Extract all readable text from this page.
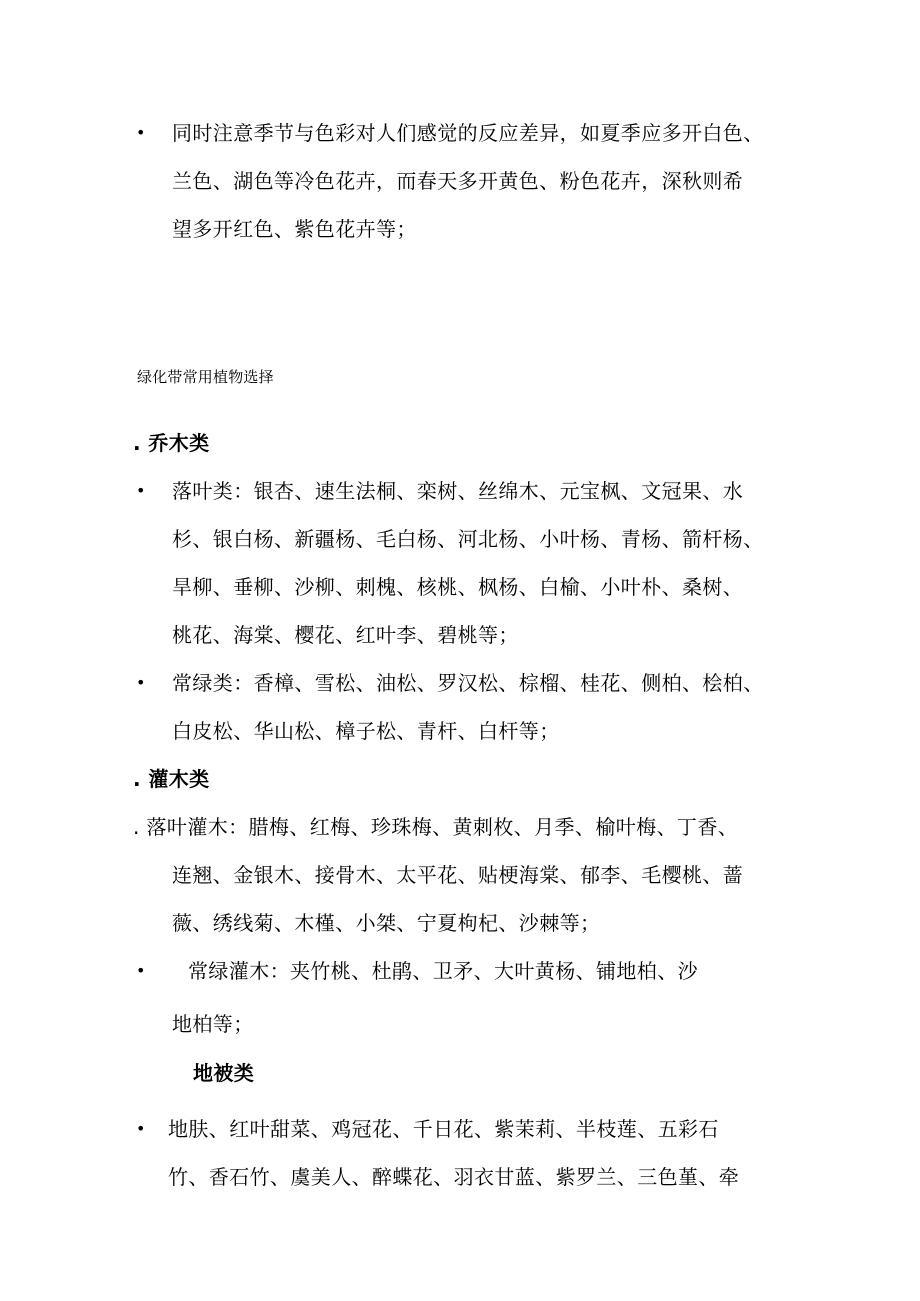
• 同时注意季节与色彩对人们感觉的反应差异，如夏季应多开白色、
兰色、湖色等冷色花卉，而春天多开黄色、粉色花卉，深秋则希
望多开红色、紫色花卉等；
绿化带常用植物选择
. 乔木类
• 落叶类：银杏、速生法桐、栾树、丝绵木、元宝枫、文冠果、水
杉、银白杨、新疆杨、毛白杨、河北杨、小叶杨、青杨、箭杆杨、
旱柳、垂柳、沙柳、刺槐、核桃、枫杨、白榆、小叶朴、桑树、
桃花、海棠、樱花、红叶李、碧桃等；
• 常绿类：香樟、雪松、油松、罗汉松、棕榴、桂花、侧柏、桧柏、
白皮松、华山松、樟子松、青杆、白杆等；
. 灌木类
. 落叶灌木：腊梅、红梅、珍珠梅、黄刺枚、月季、榆叶梅、丁香、
连翘、金银木、接骨木、太平花、贴梗海棠、郁李、毛樱桃、蔷
薇、绣线菊、木槿、小桀、宁夏枸杞、沙棘等；
• 常绿灌木：夹竹桃、杜鹃、卫矛、大叶黄杨、铺地柏、沙
地柏等；
地被类
• 地肤、红叶甜菜、鸡冠花、千日花、紫茉莉、半枝莲、五彩石
竹、香石竹、虞美人、醉蝶花、羽衣甘蓝、紫罗兰、三色堇、牵
